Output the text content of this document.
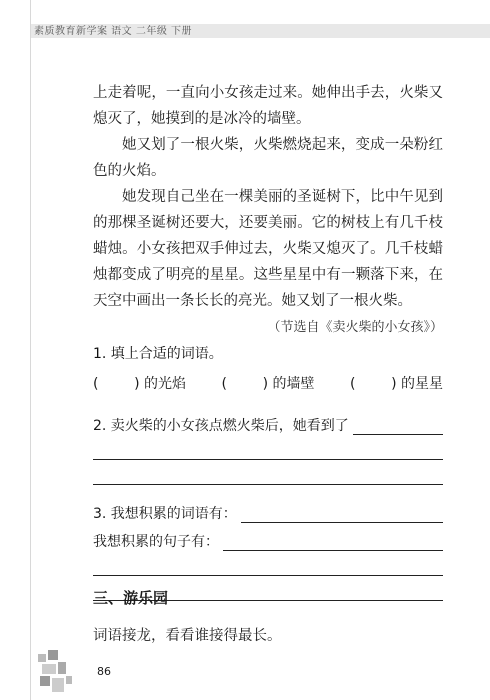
素质教育新学案 语文 二年级 下册

上走着呢，一直向小女孩走过来。她伸出手去，火柴又熄灭了，她摸到的是冰冷的墙壁。

她又划了一根火柴，火柴燃烧起来，变成一朵粉红色的火焰。

她发现自己坐在一棵美丽的圣诞树下，比中午见到的那棵圣诞树还要大，还要美丽。它的树枝上有几千枝蜡烛。小女孩把双手伸过去，火柴又熄灭了。几千枝蜡烛都变成了明亮的星星。这些星星中有一颗落下来，在天空中画出一条长长的亮光。她又划了一根火柴。

（节选自《卖火柴的小女孩》）

1. 填上合适的词语。

(        ) 的光焰	(        ) 的墙壁	(        ) 的星星
2. 卖火柴的小女孩点燃火柴后，她看到了
3. 我想积累的词语有：
我想积累的句子有：
三、游乐园
词语接龙，看看谁接得最长。
86
